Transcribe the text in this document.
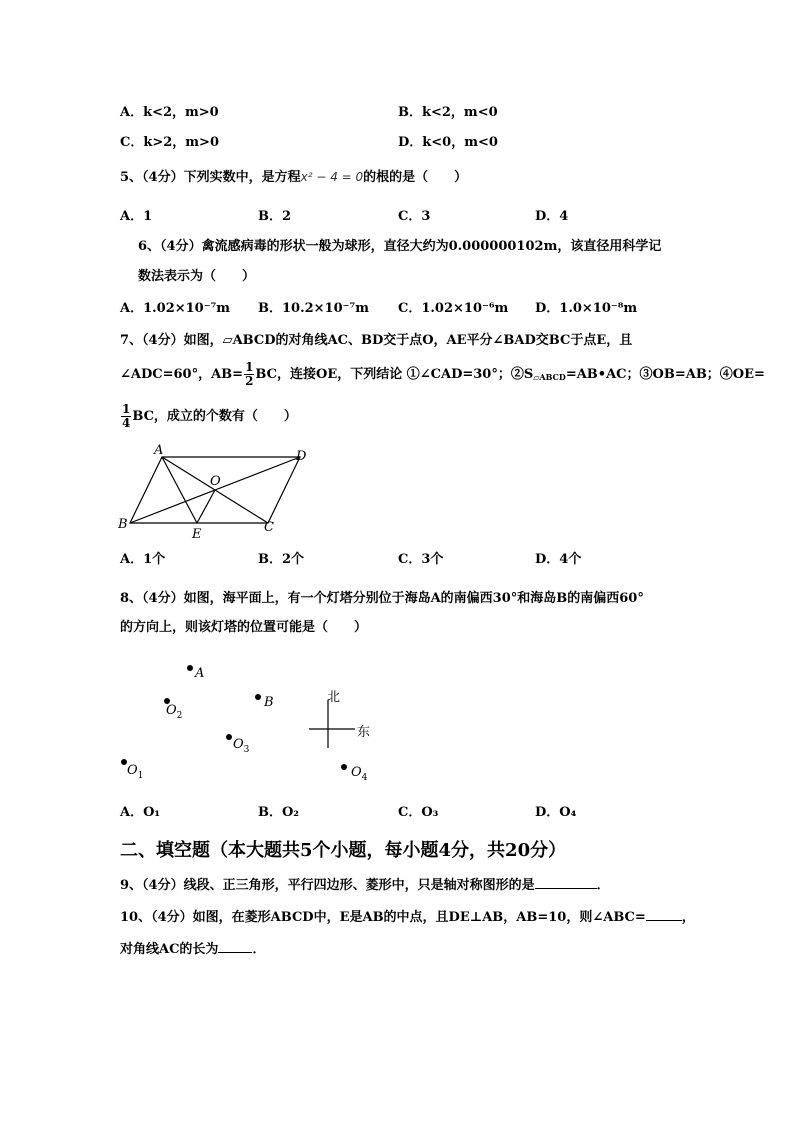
A．k<2，m>0	B．k<2，m<0
C．k>2，m>0	D．k<0，m<0
5、（4分）下列实数中，是方程x² − 4 = 0的根的是（　　）
A．1	B．2	C．3	D．4
6、（4分）禽流感病毒的形状一般为球形，直径大约为0.000000102m，该直径用科学记
数法表示为（　　）
A．1.02×10⁻⁷m B．10.2×10⁻⁷m C．1.02×10⁻⁶m D．1.0×10⁻⁸m
7、（4分）如图，▱ABCD的对角线AC、BD交于点O，AE平分∠BAD交BC于点E，且
∠ADC=60°，$AB= \frac{1}{2}$ BC，连接OE，下列结论 ①∠CAD=30°；$②S_{▱ABCD}=AB•AC$；③OB=AB；④OE=
$\frac{1}{4}$ BC，成立的个数有（　　）
A	D
B	C
E
O
A．1个	B．2个	C．3个	D．4个
8、（4分）如图，海平面上，有一个灯塔分别位于海岛A的南偏西30°和海岛B的南偏西60°
的方向上，则该灯塔的位置可能是（　　）
A
B
$O_2$
$O_3$
$O_1$	$O_4$
北
东
A．O₁	B．O₂	C．O₃	D．O₄
二、填空题（本大题共5个小题，每小题4分，共20分）
9、（4分）线段、正三角形，平行四边形、菱形中，只是轴对称图形的是	．
10、（4分）如图，在菱形ABCD中，E是AB的中点，且DE⊥AB，AB=10，则∠ABC=	，
对角线AC的长为	．
